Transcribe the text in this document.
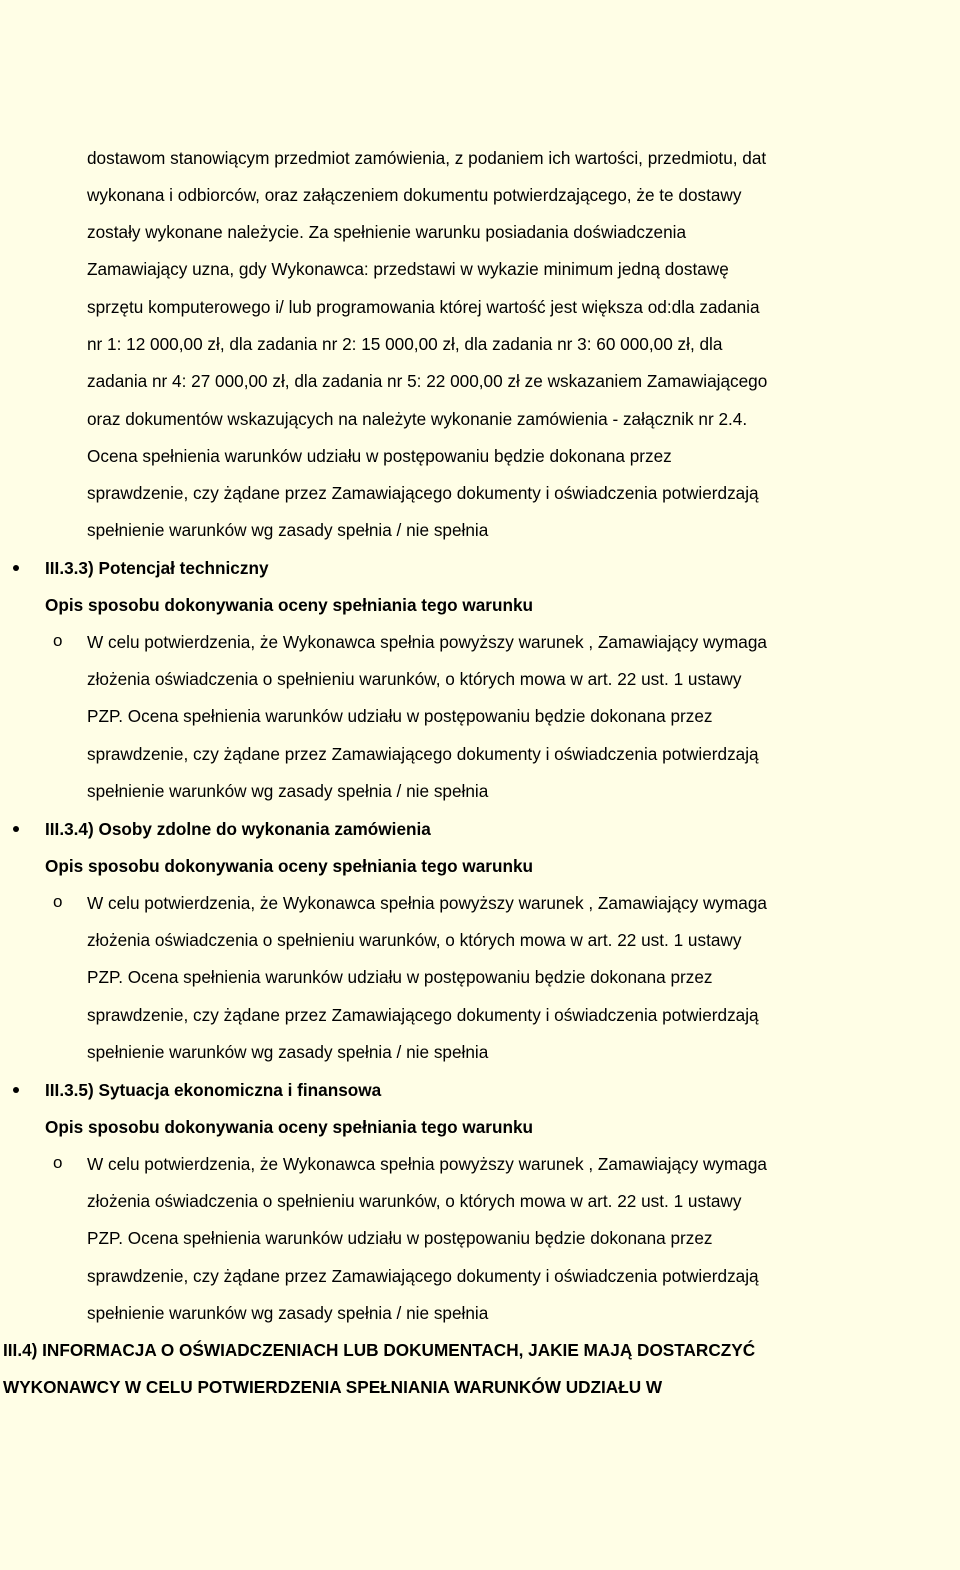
dostawom stanowiącym przedmiot zamówienia, z podaniem ich wartości, przedmiotu, dat
wykonana i odbiorców, oraz załączeniem dokumentu potwierdzającego, że te dostawy
zostały wykonane należycie. Za spełnienie warunku posiadania doświadczenia
Zamawiający uzna, gdy Wykonawca: przedstawi w wykazie minimum jedną dostawę
sprzętu komputerowego i/ lub programowania której wartość jest większa od:dla zadania
nr 1: 12 000,00 zł, dla zadania nr 2: 15 000,00 zł, dla zadania nr 3: 60 000,00 zł, dla
zadania nr 4: 27 000,00 zł, dla zadania nr 5: 22 000,00 zł ze wskazaniem Zamawiającego
oraz dokumentów wskazujących na należyte wykonanie zamówienia - załącznik nr 2.4.
Ocena spełnienia warunków udziału w postępowaniu będzie dokonana przez
sprawdzenie, czy żądane przez Zamawiającego dokumenty i oświadczenia potwierdzają
spełnienie warunków wg zasady spełnia / nie spełnia
III.3.3) Potencjał techniczny
Opis sposobu dokonywania oceny spełniania tego warunku
o W celu potwierdzenia, że Wykonawca spełnia powyższy warunek , Zamawiający wymaga
złożenia oświadczenia o spełnieniu warunków, o których mowa w art. 22 ust. 1 ustawy
PZP. Ocena spełnienia warunków udziału w postępowaniu będzie dokonana przez
sprawdzenie, czy żądane przez Zamawiającego dokumenty i oświadczenia potwierdzają
spełnienie warunków wg zasady spełnia / nie spełnia
III.3.4) Osoby zdolne do wykonania zamówienia
Opis sposobu dokonywania oceny spełniania tego warunku
o W celu potwierdzenia, że Wykonawca spełnia powyższy warunek , Zamawiający wymaga
złożenia oświadczenia o spełnieniu warunków, o których mowa w art. 22 ust. 1 ustawy
PZP. Ocena spełnienia warunków udziału w postępowaniu będzie dokonana przez
sprawdzenie, czy żądane przez Zamawiającego dokumenty i oświadczenia potwierdzają
spełnienie warunków wg zasady spełnia / nie spełnia
III.3.5) Sytuacja ekonomiczna i finansowa
Opis sposobu dokonywania oceny spełniania tego warunku
o W celu potwierdzenia, że Wykonawca spełnia powyższy warunek , Zamawiający wymaga
złożenia oświadczenia o spełnieniu warunków, o których mowa w art. 22 ust. 1 ustawy
PZP. Ocena spełnienia warunków udziału w postępowaniu będzie dokonana przez
sprawdzenie, czy żądane przez Zamawiającego dokumenty i oświadczenia potwierdzają
spełnienie warunków wg zasady spełnia / nie spełnia
III.4) INFORMACJA O OŚWIADCZENIACH LUB DOKUMENTACH, JAKIE MAJĄ DOSTARCZYĆ
WYKONAWCY W CELU POTWIERDZENIA SPEŁNIANIA WARUNKÓW UDZIAŁU W
